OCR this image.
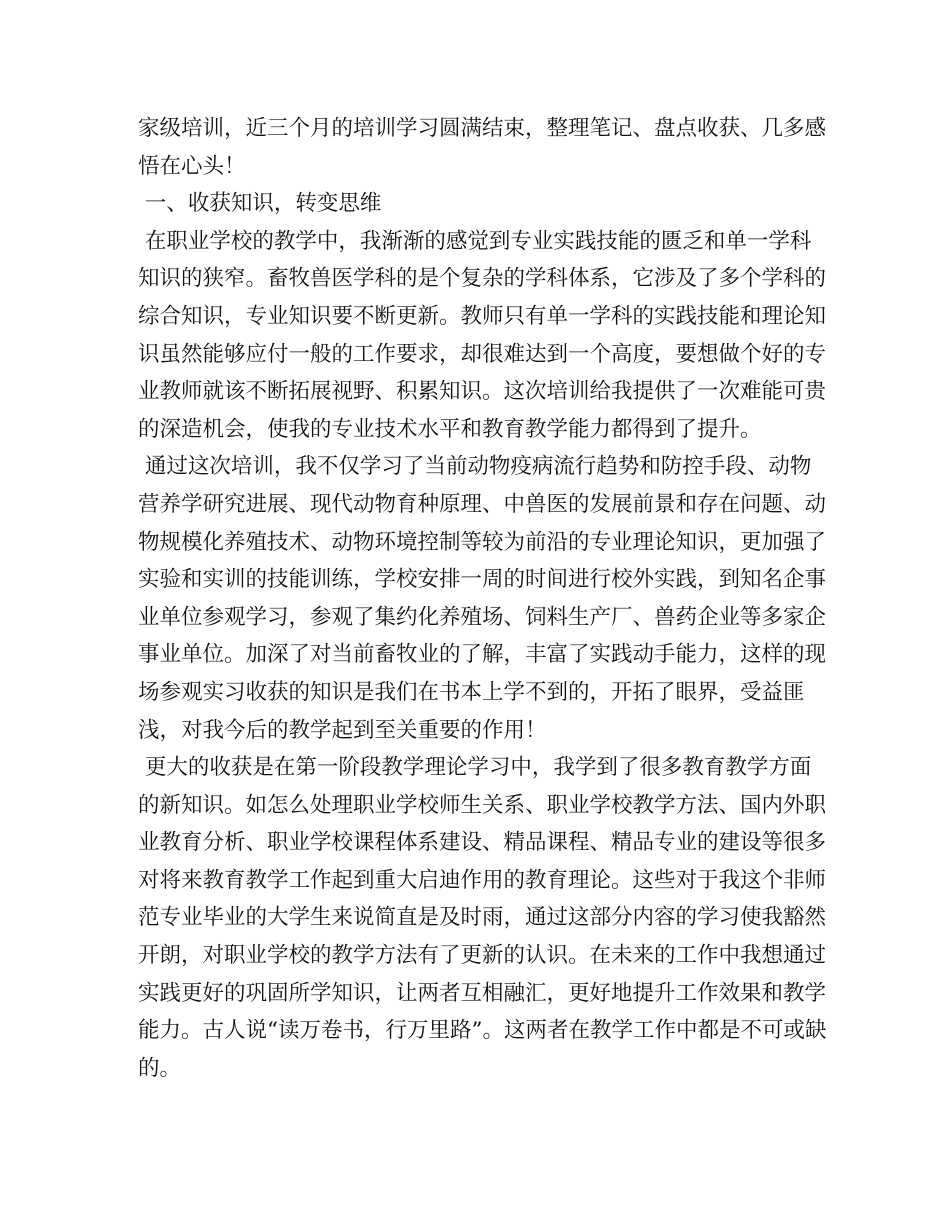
家级培训，近三个月的培训学习圆满结束，整理笔记、盘点收获、几多感悟在心头！

一、收获知识，转变思维

在职业学校的教学中，我渐渐的感觉到专业实践技能的匮乏和单一学科知识的狭窄。畜牧兽医学科的是个复杂的学科体系，它涉及了多个学科的综合知识，专业知识要不断更新。教师只有单一学科的实践技能和理论知识虽然能够应付一般的工作要求，却很难达到一个高度，要想做个好的专业教师就该不断拓展视野、积累知识。这次培训给我提供了一次难能可贵的深造机会，使我的专业技术水平和教育教学能力都得到了提升。

通过这次培训，我不仅学习了当前动物疫病流行趋势和防控手段、动物营养学研究进展、现代动物育种原理、中兽医的发展前景和存在问题、动物规模化养殖技术、动物环境控制等较为前沿的专业理论知识，更加强了实验和实训的技能训练，学校安排一周的时间进行校外实践，到知名企事业单位参观学习，参观了集约化养殖场、饲料生产厂、兽药企业等多家企事业单位。加深了对当前畜牧业的了解，丰富了实践动手能力，这样的现场参观实习收获的知识是我们在书本上学不到的，开拓了眼界，受益匪浅，对我今后的教学起到至关重要的作用！

更大的收获是在第一阶段教学理论学习中，我学到了很多教育教学方面的新知识。如怎么处理职业学校师生关系、职业学校教学方法、国内外职业教育分析、职业学校课程体系建设、精品课程、精品专业的建设等很多对将来教育教学工作起到重大启迪作用的教育理论。这些对于我这个非师范专业毕业的大学生来说简直是及时雨，通过这部分内容的学习使我豁然开朗，对职业学校的教学方法有了更新的认识。在未来的工作中我想通过实践更好的巩固所学知识，让两者互相融汇，更好地提升工作效果和教学能力。古人说“读万卷书，行万里路”。这两者在教学工作中都是不可或缺的。
